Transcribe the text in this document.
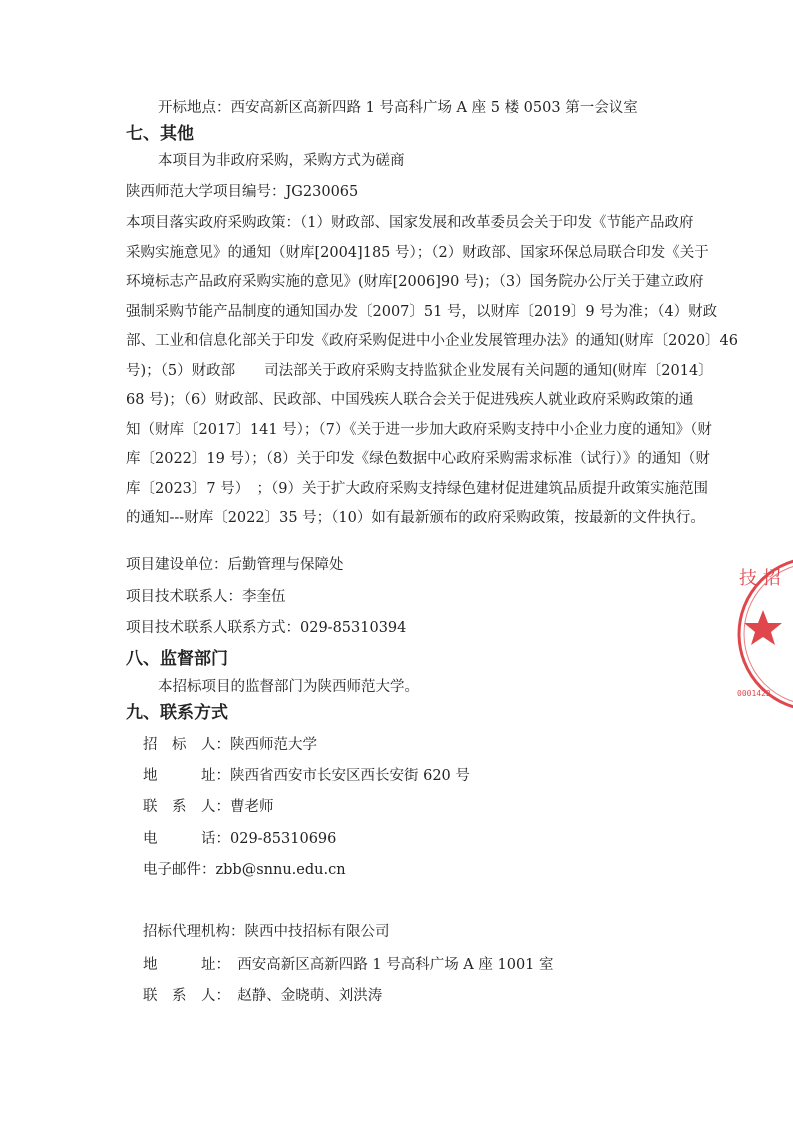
开标地点：西安高新区高新四路 1 号高科广场 A 座 5 楼 0503 第一会议室
七、其他
本项目为非政府采购，采购方式为磋商
陕西师范大学项目编号：JG230065
本项目落实政府采购政策：（1）财政部、国家发展和改革委员会关于印发《节能产品政府
采购实施意见》的通知（财库[2004]185 号）；（2）财政部、国家环保总局联合印发《关于
环境标志产品政府采购实施的意见》(财库[2006]90 号)；（3）国务院办公厅关于建立政府
强制采购节能产品制度的通知国办发〔2007〕51 号，以财库〔2019〕9 号为准；（4）财政
部、工业和信息化部关于印发《政府采购促进中小企业发展管理办法》的通知(财库〔2020〕46
号)；（5）财政部　　司法部关于政府采购支持监狱企业发展有关问题的通知(财库〔2014〕
68 号)；（6）财政部、民政部、中国残疾人联合会关于促进残疾人就业政府采购政策的通
知（财库〔2017〕141 号）；（7）《关于进一步加大政府采购支持中小企业力度的通知》（财
库〔2022〕19 号）；（8）关于印发《绿色数据中心政府采购需求标准（试行）》的通知（财
库〔2023〕7 号）　；（9）关于扩大政府采购支持绿色建材促进建筑品质提升政策实施范围
的通知---财库〔2022〕35 号；（10）如有最新颁布的政府采购政策，按最新的文件执行。
项目建设单位：后勤管理与保障处
项目技术联系人：李奎伍
项目技术联系人联系方式：029-85310394
八、监督部门
本招标项目的监督部门为陕西师范大学。
九、联系方式
招　标　人：陕西师范大学
地　　　址：陕西省西安市长安区西长安街 620 号
联　系　人：曹老师
电　　　话：029-85310696
电子邮件：zbb@snnu.edu.cn
招标代理机构：陕西中技招标有限公司
地　　　址：　西安高新区高新四路 1 号高科广场 A 座 1001 室
联　系　人：　赵静、金晓萌、刘洪涛
技 招
0001422
